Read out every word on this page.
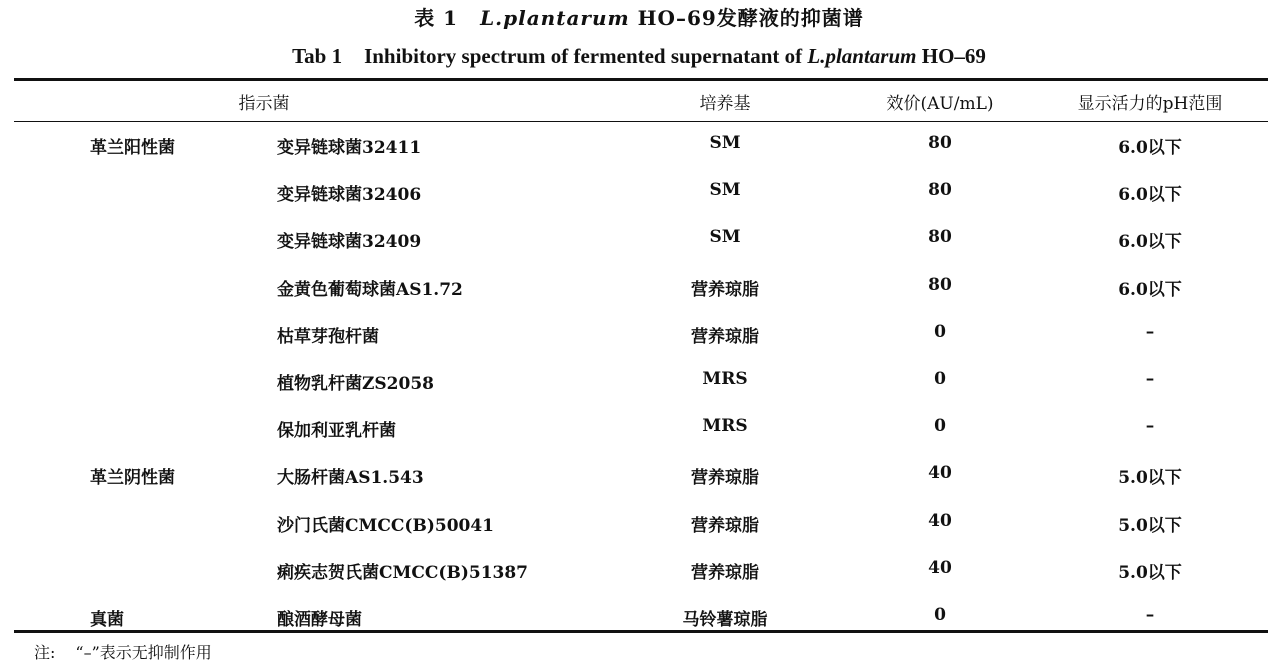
表 1 L.plantarum HO–69发酵液的抑菌谱
Tab 1 Inhibitory spectrum of fermented supernatant of L.plantarum HO–69
指示菌	培养基	效价(AU/mL)	显示活力的pH范围
革兰阳性菌	变异链球菌32411	SM	80	6.0以下
变异链球菌32406	SM	80	6.0以下
变异链球菌32409	SM	80	6.0以下
金黄色葡萄球菌AS1.72	营养琼脂	80	6.0以下
枯草芽孢杆菌	营养琼脂	0	–
植物乳杆菌ZS2058	MRS	0	–
保加利亚乳杆菌	MRS	0	–
革兰阴性菌	大肠杆菌AS1.543	营养琼脂	40	5.0以下
沙门氏菌CMCC(B)50041	营养琼脂	40	5.0以下
痢疾志贺氏菌CMCC(B)51387	营养琼脂	40	5.0以下
真菌	酿酒酵母菌	马铃薯琼脂	0	–
注: “–”表示无抑制作用
